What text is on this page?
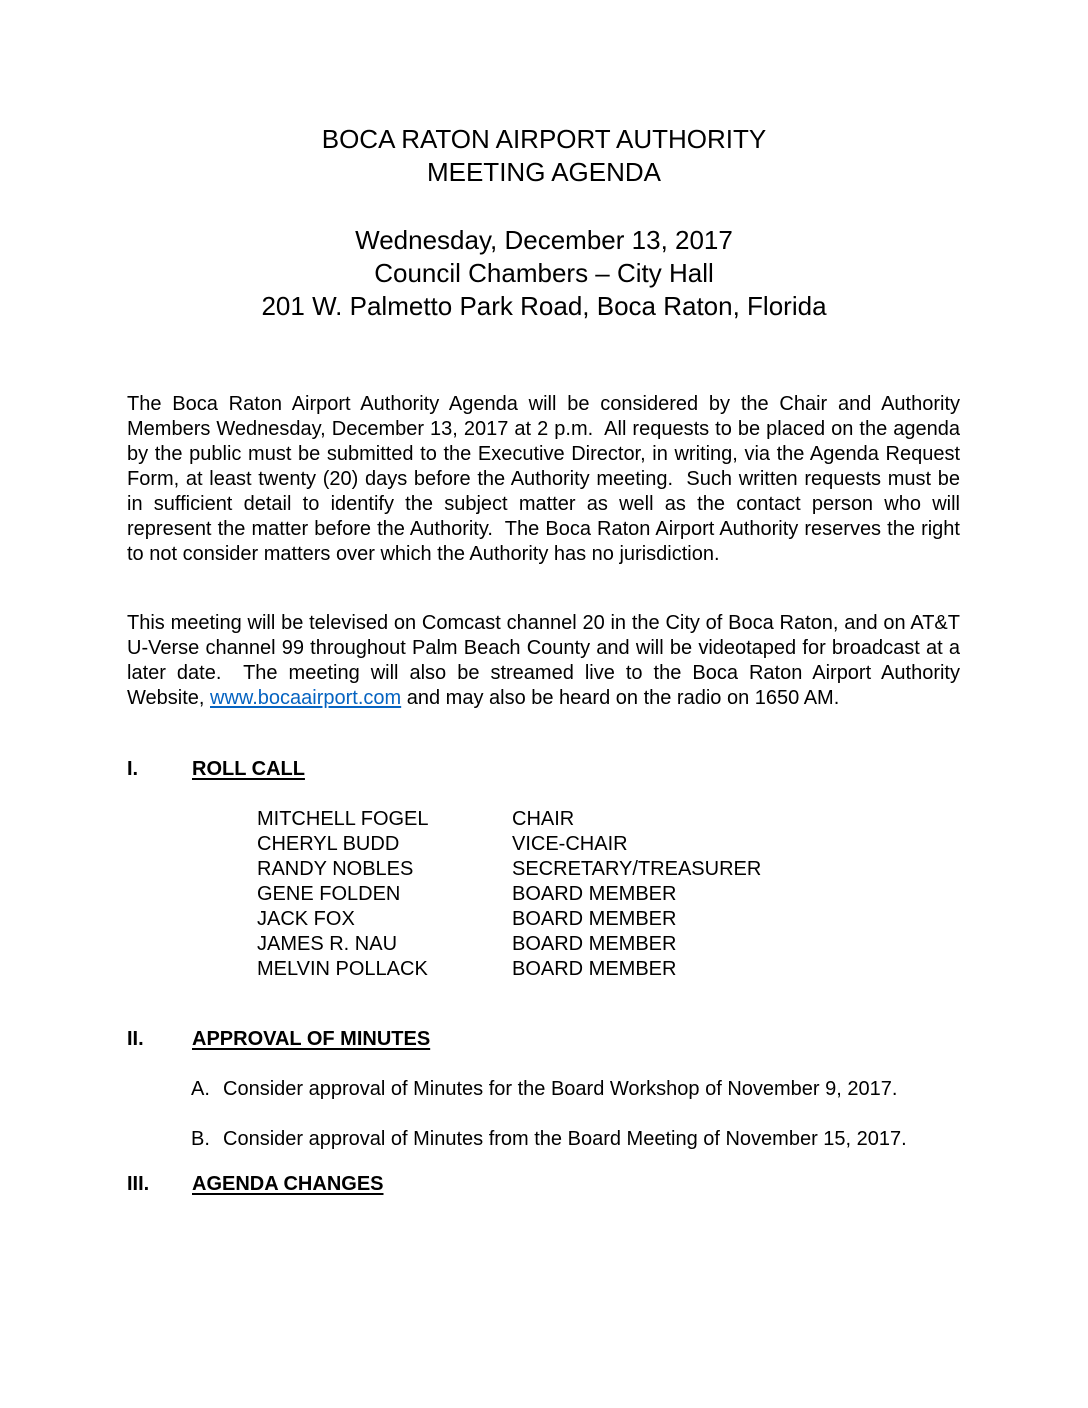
BOCA RATON AIRPORT AUTHORITY
MEETING AGENDA
Wednesday, December 13, 2017
Council Chambers – City Hall
201 W. Palmetto Park Road, Boca Raton, Florida
The Boca Raton Airport Authority Agenda will be considered by the Chair and Authority Members Wednesday, December 13, 2017 at 2 p.m.  All requests to be placed on the agenda by the public must be submitted to the Executive Director, in writing, via the Agenda Request Form, at least twenty (20) days before the Authority meeting.  Such written requests must be in sufficient detail to identify the subject matter as well as the contact person who will represent the matter before the Authority.  The Boca Raton Airport Authority reserves the right to not consider matters over which the Authority has no jurisdiction.
This meeting will be televised on Comcast channel 20 in the City of Boca Raton, and on AT&T U-Verse channel 99 throughout Palm Beach County and will be videotaped for broadcast at a later date.  The meeting will also be streamed live to the Boca Raton Airport Authority Website, www.bocaairport.com and may also be heard on the radio on 1650 AM.
I.	ROLL CALL
MITCHELL FOGEL	CHAIR
CHERYL BUDD	VICE-CHAIR
RANDY NOBLES	SECRETARY/TREASURER
GENE FOLDEN	BOARD MEMBER
JACK FOX	BOARD MEMBER
JAMES R. NAU	BOARD MEMBER
MELVIN POLLACK	BOARD MEMBER
II.	APPROVAL OF MINUTES
A. Consider approval of Minutes for the Board Workshop of November 9, 2017.
B. Consider approval of Minutes from the Board Meeting of November 15, 2017.
III.	AGENDA CHANGES
